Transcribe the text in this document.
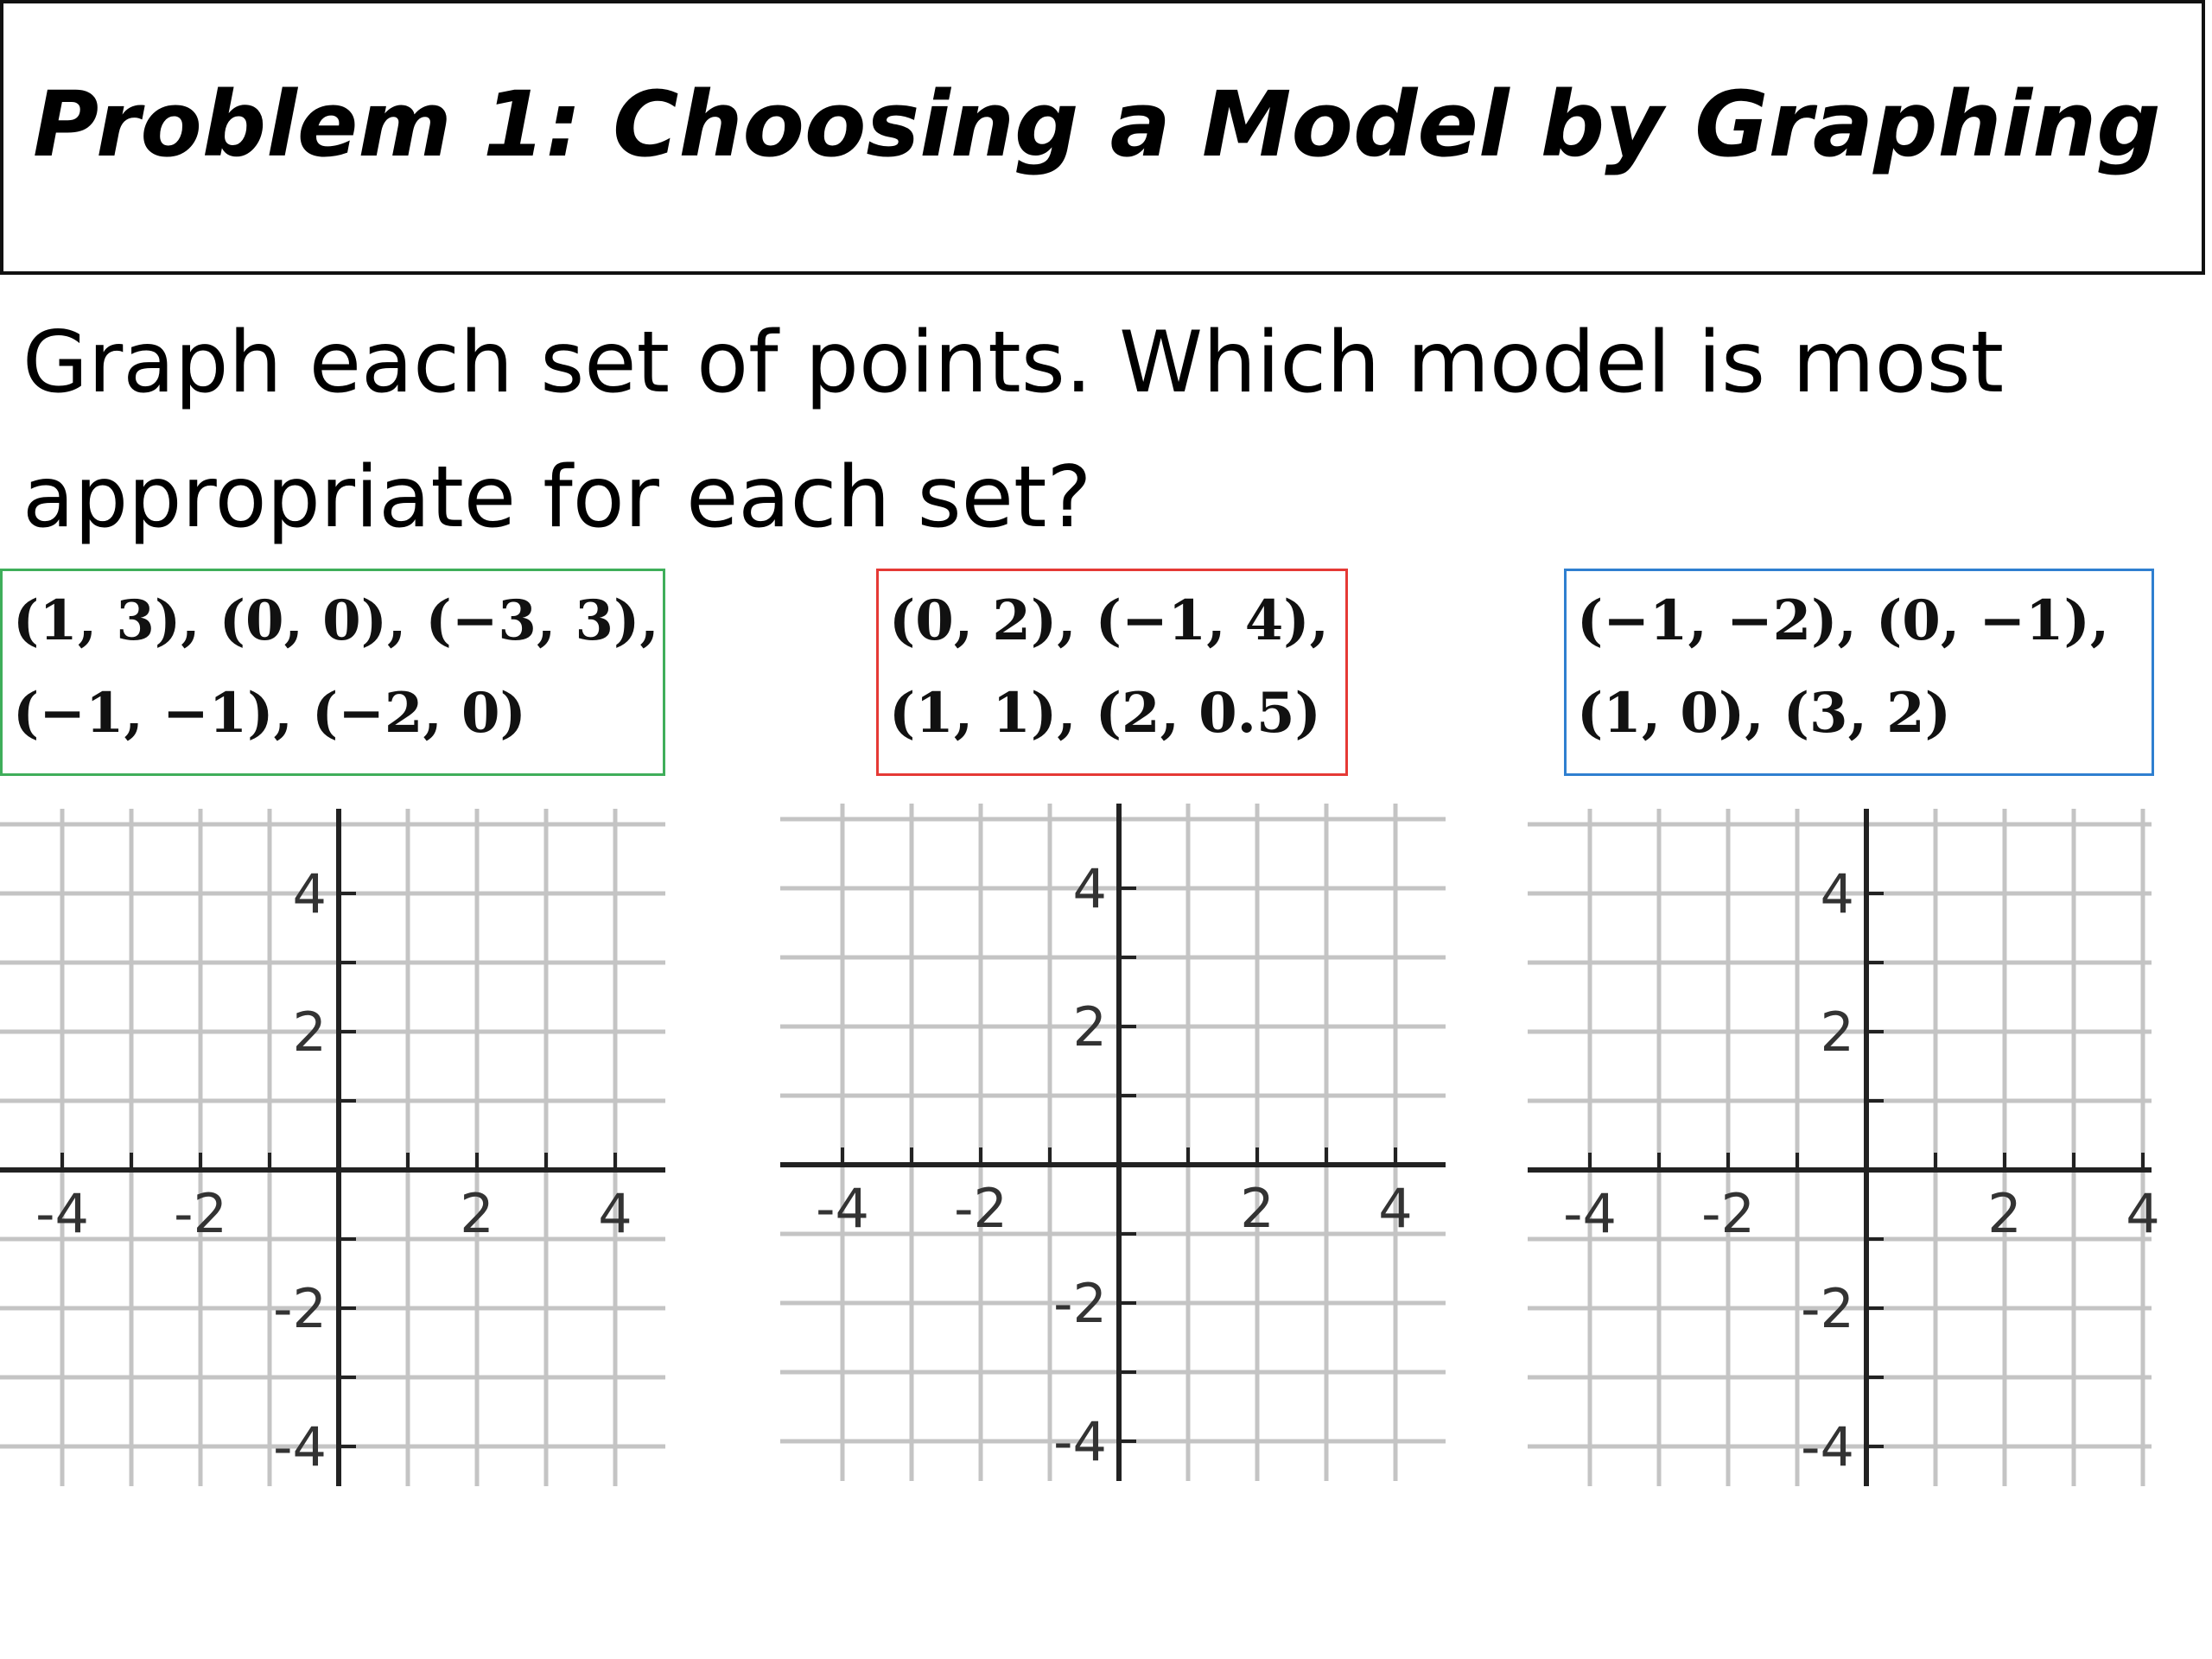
Problem 1: Choosing a Model by Graphing
Graph each set of points. Which model is most appropriate for each set?
(1, 3), (0, 0), (−3, 3),
(−1, −1), (−2, 0)
(0, 2), (−1, 4),
(1, 1), (2, 0.5)
(−1, −2), (0, −1),
(1, 0), (3, 2)
-4 -2	2 4
4
2
-2
-4
-4 -2	2 4
4
2
-2
-4
-4 -2	2 4
4
2
-2
-4
